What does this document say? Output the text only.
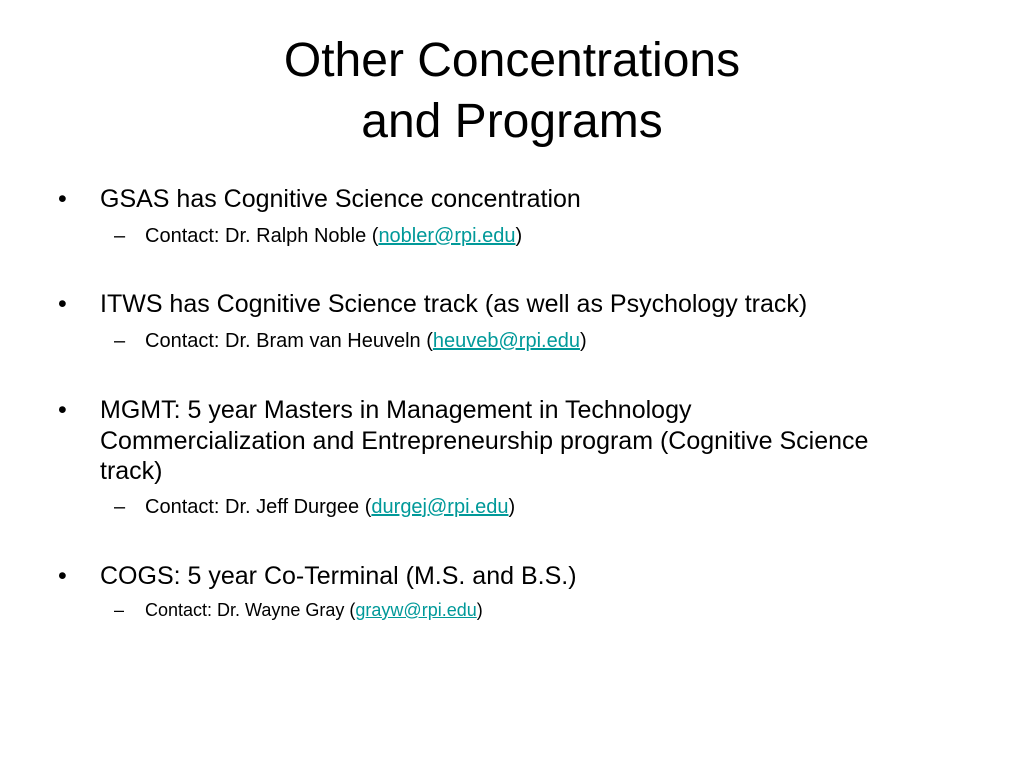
Other Concentrations
and Programs
• GSAS has Cognitive Science concentration
– Contact: Dr. Ralph Noble (nobler@rpi.edu)
• ITWS has Cognitive Science track (as well as Psychology track)
– Contact: Dr. Bram van Heuveln (heuveb@rpi.edu)
• MGMT: 5 year Masters in Management in Technology Commercialization and Entrepreneurship program (Cognitive Science track)
– Contact: Dr. Jeff Durgee (durgej@rpi.edu)
• COGS: 5 year Co-Terminal (M.S. and B.S.)
– Contact: Dr. Wayne Gray (grayw@rpi.edu)
